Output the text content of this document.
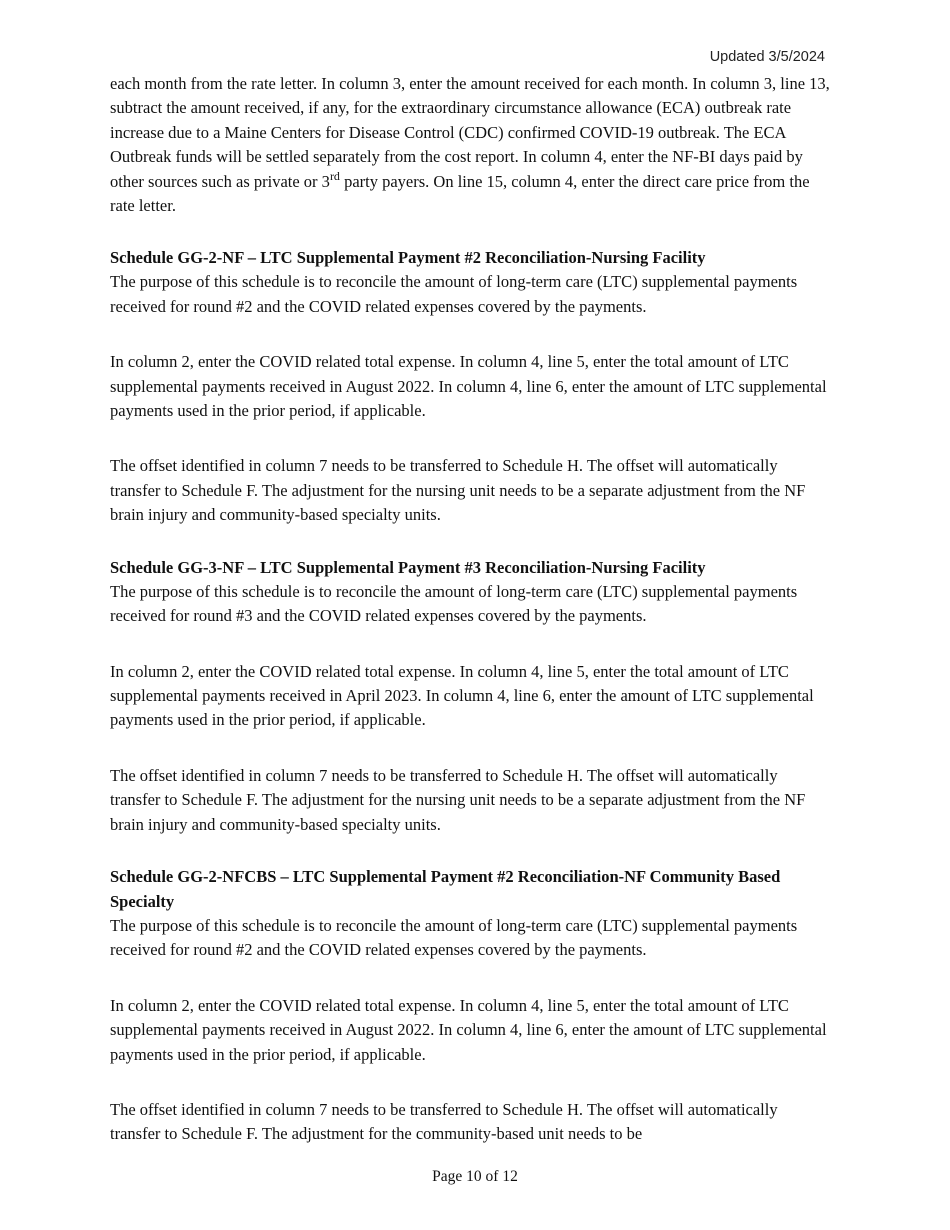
Updated 3/5/2024

each month from the rate letter. In column 3, enter the amount received for each month. In column 3, line 13, subtract the amount received, if any, for the extraordinary circumstance allowance (ECA) outbreak rate increase due to a Maine Centers for Disease Control (CDC) confirmed COVID-19 outbreak. The ECA Outbreak funds will be settled separately from the cost report. In column 4, enter the NF-BI days paid by other sources such as private or 3rd party payers. On line 15, column 4, enter the direct care price from the rate letter.

Schedule GG-2-NF – LTC Supplemental Payment #2 Reconciliation-Nursing Facility

The purpose of this schedule is to reconcile the amount of long-term care (LTC) supplemental payments received for round #2 and the COVID related expenses covered by the payments.

In column 2, enter the COVID related total expense. In column 4, line 5, enter the total amount of LTC supplemental payments received in August 2022. In column 4, line 6, enter the amount of LTC supplemental payments used in the prior period, if applicable.

The offset identified in column 7 needs to be transferred to Schedule H. The offset will automatically transfer to Schedule F. The adjustment for the nursing unit needs to be a separate adjustment from the NF brain injury and community-based specialty units.

Schedule GG-3-NF – LTC Supplemental Payment #3 Reconciliation-Nursing Facility

The purpose of this schedule is to reconcile the amount of long-term care (LTC) supplemental payments received for round #3 and the COVID related expenses covered by the payments.

In column 2, enter the COVID related total expense. In column 4, line 5, enter the total amount of LTC supplemental payments received in April 2023. In column 4, line 6, enter the amount of LTC supplemental payments used in the prior period, if applicable.

The offset identified in column 7 needs to be transferred to Schedule H. The offset will automatically transfer to Schedule F. The adjustment for the nursing unit needs to be a separate adjustment from the NF brain injury and community-based specialty units.

Schedule GG-2-NFCBS – LTC Supplemental Payment #2 Reconciliation-NF Community Based Specialty

The purpose of this schedule is to reconcile the amount of long-term care (LTC) supplemental payments received for round #2 and the COVID related expenses covered by the payments.

In column 2, enter the COVID related total expense. In column 4, line 5, enter the total amount of LTC supplemental payments received in August 2022. In column 4, line 6, enter the amount of LTC supplemental payments used in the prior period, if applicable.

The offset identified in column 7 needs to be transferred to Schedule H. The offset will automatically transfer to Schedule F. The adjustment for the community-based unit needs to be

Page 10 of 12
